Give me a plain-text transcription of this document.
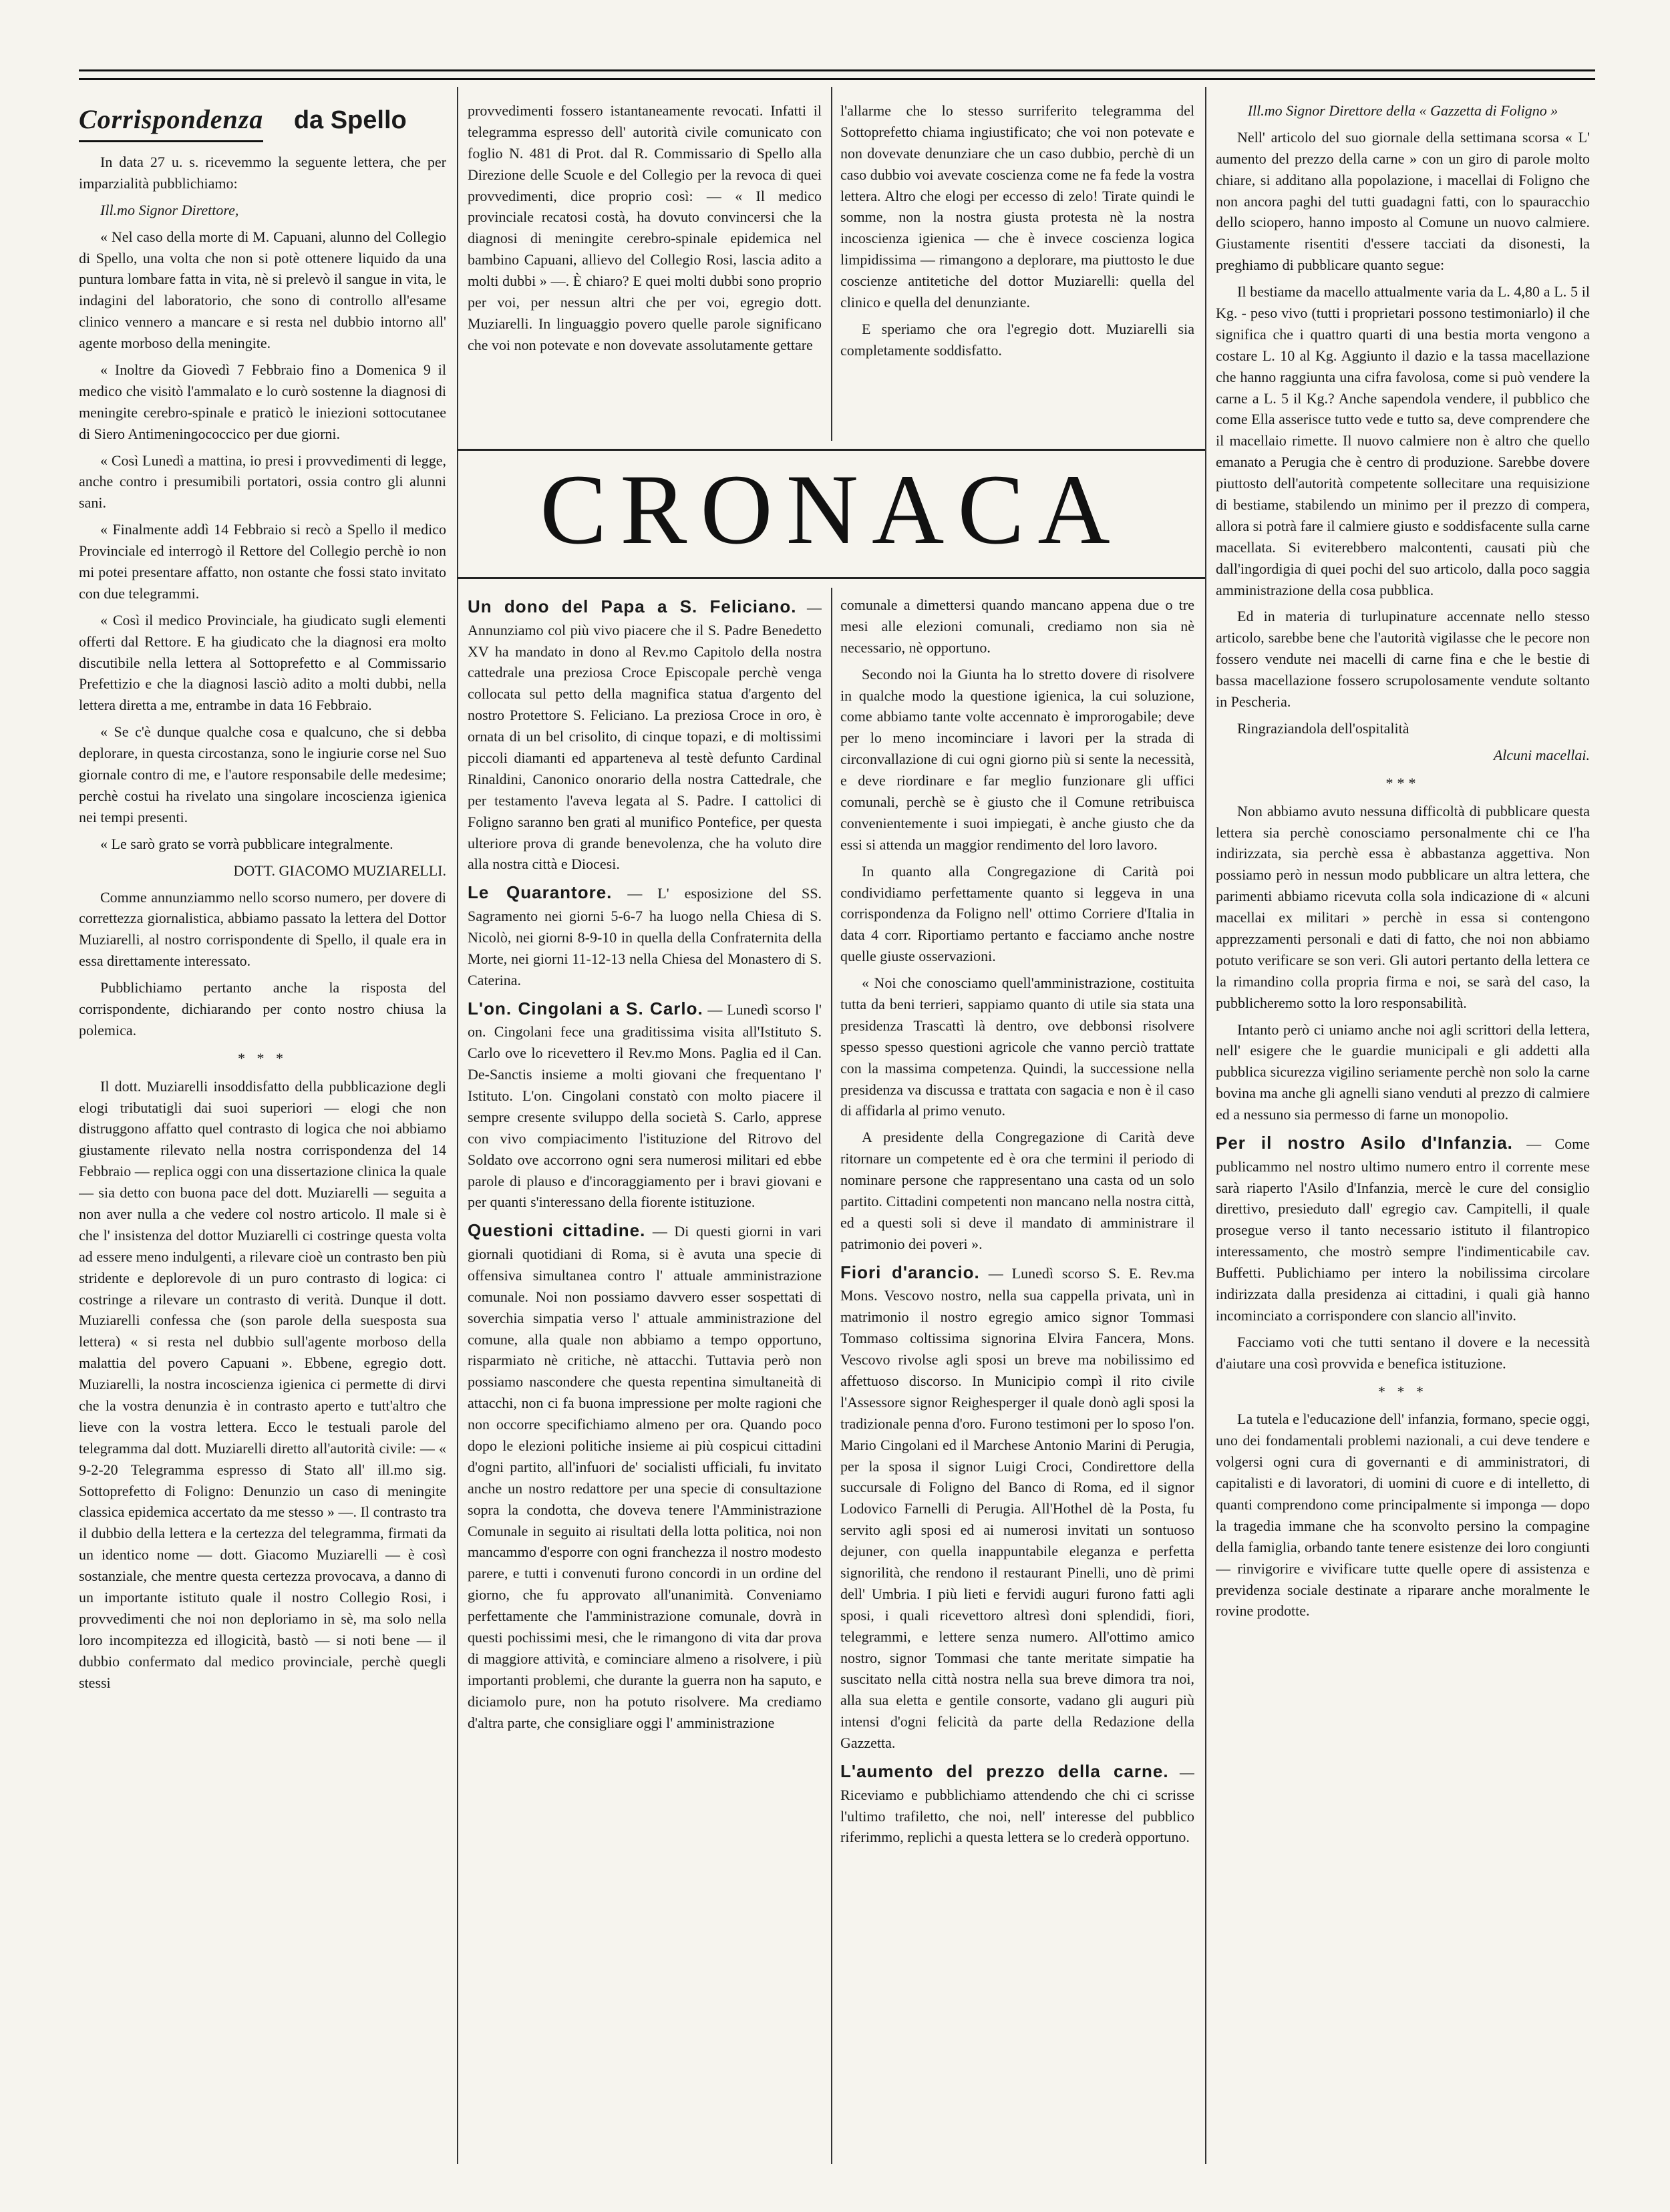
Corrispondenza da Spello

In data 27 u. s. ricevemmo la seguente lettera, che per imparzialità pubblichiamo:

Ill.mo Signor Direttore,

« Nel caso della morte di M. Capuani, alunno del Collegio di Spello, una volta che non si potè ottenere liquido da una puntura lombare fatta in vita, nè si prelevò il sangue in vita, le indagini del laboratorio, che sono di controllo all'esame clinico vennero a mancare e si resta nel dubbio intorno all' agente morboso della meningite.

« Inoltre da Giovedì 7 Febbraio fino a Domenica 9 il medico che visitò l'ammalato e lo curò sostenne la diagnosi di meningite cerebro-spinale e praticò le iniezioni sottocutanee di Siero Antimeningococcico per due giorni.

« Così Lunedì a mattina, io presi i provvedimenti di legge, anche contro i presumibili portatori, ossia contro gli alunni sani.

« Finalmente addì 14 Febbraio si recò a Spello il medico Provinciale ed interrogò il Rettore del Collegio perchè io non mi potei presentare affatto, non ostante che fossi stato invitato con due telegrammi.

« Così il medico Provinciale, ha giudicato sugli elementi offerti dal Rettore. E ha giudicato che la diagnosi era molto discutibile nella lettera al Sottoprefetto e al Commissario Prefettizio e che la diagnosi lasciò adito a molti dubbi, nella lettera diretta a me, entrambe in data 16 Febbraio.

« Se c'è dunque qualche cosa e qualcuno, che si debba deplorare, in questa circostanza, sono le ingiurie corse nel Suo giornale contro di me, e l'autore responsabile delle medesime; perchè costui ha rivelato una singolare incoscienza igienica nei tempi presenti.

« Le sarò grato se vorrà pubblicare integralmente.

DOTT. GIACOMO MUZIARELLI.

Comme annunziammo nello scorso numero, per dovere di correttezza giornalistica, abbiamo passato la lettera del Dottor Muziarelli, al nostro corrispondente di Spello, il quale era in essa direttamente interessato.

Pubblichiamo pertanto anche la risposta del corrispondente, dichiarando per conto nostro chiusa la polemica.

* * *

Il dott. Muziarelli insoddisfatto della pubblicazione degli elogi tributatigli dai suoi superiori — elogi che non distruggono affatto quel contrasto di logica che noi abbiamo giustamente rilevato nella nostra corrispondenza del 14 Febbraio — replica oggi con una dissertazione clinica la quale — sia detto con buona pace del dott. Muziarelli — seguita a non aver nulla a che vedere col nostro articolo. Il male si è che l' insistenza del dottor Muziarelli ci costringe questa volta ad essere meno indulgenti, a rilevare cioè un contrasto ben più stridente e deplorevole di un puro contrasto di logica: ci costringe a rilevare un contrasto di verità. Dunque il dott. Muziarelli confessa che (son parole della suesposta sua lettera) « si resta nel dubbio sull'agente morboso della malattia del povero Capuani ». Ebbene, egregio dott. Muziarelli, la nostra incoscienza igienica ci permette di dirvi che la vostra denunzia è in contrasto aperto e tutt'altro che lieve con la vostra lettera. Ecco le testuali parole del telegramma dal dott. Muziarelli diretto all'autorità civile: — « 9-2-20 Telegramma espresso di Stato all' ill.mo sig. Sottoprefetto di Foligno: Denunzio un caso di meningite classica epidemica accertato da me stesso » —. Il contrasto tra il dubbio della lettera e la certezza del telegramma, firmati da un identico nome — dott. Giacomo Muziarelli — è così sostanziale, che mentre questa certezza provocava, a danno di un importante istituto quale il nostro Collegio Rosi, i provvedimenti che noi non deploriamo in sè, ma solo nella loro incompitezza ed illogicità, bastò — si noti bene — il dubbio confermato dal medico provinciale, perchè quegli stessi

provvedimenti fossero istantaneamente revocati. Infatti il telegramma espresso dell' autorità civile comunicato con foglio N. 481 di Prot. dal R. Commissario di Spello alla Direzione delle Scuole e del Collegio per la revoca di quei provvedimenti, dice proprio così: — « Il medico provinciale recatosi costà, ha dovuto convincersi che la diagnosi di meningite cerebro-spinale epidemica nel bambino Capuani, allievo del Collegio Rosi, lascia adito a molti dubbi » —. È chiaro? E quei molti dubbi sono proprio per voi, per nessun altri che per voi, egregio dott. Muziarelli. In linguaggio povero quelle parole significano che voi non potevate e non dovevate assolutamente gettare

l'allarme che lo stesso surriferito telegramma del Sottoprefetto chiama ingiustificato; che voi non potevate e non dovevate denunziare che un caso dubbio, perchè di un caso dubbio voi avevate coscienza come ne fa fede la vostra lettera. Altro che elogi per eccesso di zelo! Tirate quindi le somme, non la nostra giusta protesta nè la nostra incoscienza igienica — che è invece coscienza logica limpidissima — rimangono a deplorare, ma piuttosto le due coscienze antitetiche del dottor Muziarelli: quella del clinico e quella del denunziante.

E speriamo che ora l'egregio dott. Muziarelli sia completamente soddisfatto.

CRONACA

Un dono del Papa a S. Feliciano. — Annunziamo col più vivo piacere che il S. Padre Benedetto XV ha mandato in dono al Rev.mo Capitolo della nostra cattedrale una preziosa Croce Episcopale perchè venga collocata sul petto della magnifica statua d'argento del nostro Protettore S. Feliciano. La preziosa Croce in oro, è ornata di un bel crisolito, di cinque topazi, e di moltissimi piccoli diamanti ed apparteneva al testè defunto Cardinal Rinaldini, Canonico onorario della nostra Cattedrale, che per testamento l'aveva legata al S. Padre. I cattolici di Foligno saranno ben grati al munifico Pontefice, per questa ulteriore prova di grande benevolenza, che ha voluto dire alla nostra città e Diocesi.

Le Quarantore. — L' esposizione del SS. Sagramento nei giorni 5-6-7 ha luogo nella Chiesa di S. Nicolò, nei giorni 8-9-10 in quella della Confraternita della Morte, nei giorni 11-12-13 nella Chiesa del Monastero di S. Caterina.

L'on. Cingolani a S. Carlo. — Lunedì scorso l' on. Cingolani fece una graditissima visita all'Istituto S. Carlo ove lo ricevettero il Rev.mo Mons. Paglia ed il Can. De-Sanctis insieme a molti giovani che frequentano l' Istituto. L'on. Cingolani constatò con molto piacere il sempre cresente sviluppo della società S. Carlo, apprese con vivo compiacimento l'istituzione del Ritrovo del Soldato ove accorrono ogni sera numerosi militari ed ebbe parole di plauso e d'incoraggiamento per i bravi giovani e per quanti s'interessano della fiorente istituzione.

Questioni cittadine. — Di questi giorni in vari giornali quotidiani di Roma, si è avuta una specie di offensiva simultanea contro l' attuale amministrazione comunale. Noi non possiamo davvero esser sospettati di soverchia simpatia verso l' attuale amministrazione del comune, alla quale non abbiamo a tempo opportuno, risparmiato nè critiche, nè attacchi. Tuttavia però non possiamo nascondere che questa repentina simultaneità di attacchi, non ci fa buona impressione per molte ragioni che non occorre specifichiamo almeno per ora. Quando poco dopo le elezioni politiche insieme ai più cospicui cittadini d'ogni partito, all'infuori de' socialisti ufficiali, fu invitato anche un nostro redattore per una specie di consultazione sopra la condotta, che doveva tenere l'Amministrazione Comunale in seguito ai risultati della lotta politica, noi non mancammo d'esporre con ogni franchezza il nostro modesto parere, e tutti i convenuti furono concordi in un ordine del giorno, che fu approvato all'unanimità. Conveniamo perfettamente che l'amministrazione comunale, dovrà in questi pochissimi mesi, che le rimangono di vita dar prova di maggiore attività, e cominciare almeno a risolvere, i più importanti problemi, che durante la guerra non ha saputo, e diciamolo pure, non ha potuto risolvere. Ma crediamo d'altra parte, che consigliare oggi l' amministrazione

comunale a dimettersi quando mancano appena due o tre mesi alle elezioni comunali, crediamo non sia nè necessario, nè opportuno.

Secondo noi la Giunta ha lo stretto dovere di risolvere in qualche modo la questione igienica, la cui soluzione, come abbiamo tante volte accennato è improrogabile; deve per lo meno incominciare i lavori per la strada di circonvallazione di cui ogni giorno più si sente la necessità, e deve riordinare e far meglio funzionare gli uffici comunali, perchè se è giusto che il Comune retribuisca convenientemente i suoi impiegati, è anche giusto che da essi si attenda un maggior rendimento del loro lavoro.

In quanto alla Congregazione di Carità poi condividiamo perfettamente quanto si leggeva in una corrispondenza da Foligno nell' ottimo Corriere d'Italia in data 4 corr. Riportiamo pertanto e facciamo anche nostre quelle giuste osservazioni.

« Noi che conosciamo quell'amministrazione, costituita tutta da beni terrieri, sappiamo quanto di utile sia stata una presidenza Trascattì là dentro, ove debbonsi risolvere spesso spesso questioni agricole che vanno perciò trattate con la massima competenza. Quindi, la successione nella presidenza va discussa e trattata con sagacia e non è il caso di affidarla al primo venuto.

A presidente della Congregazione di Carità deve ritornare un competente ed è ora che termini il periodo di nominare persone che rappresentano una casta od un solo partito. Cittadini competenti non mancano nella nostra città, ed a questi soli si deve il mandato di amministrare il patrimonio dei poveri ».

Fiori d'arancio. — Lunedì scorso S. E. Rev.ma Mons. Vescovo nostro, nella sua cappella privata, unì in matrimonio il nostro egregio amico signor Tommasi Tommaso coltissima signorina Elvira Fancera, Mons. Vescovo rivolse agli sposi un breve ma nobilissimo ed affettuoso discorso. In Municipio compì il rito civile l'Assessore signor Reighesperger il quale donò agli sposi la tradizionale penna d'oro. Furono testimoni per lo sposo l'on. Mario Cingolani ed il Marchese Antonio Marini di Perugia, per la sposa il signor Luigi Croci, Condirettore della succursale di Foligno del Banco di Roma, ed il signor Lodovico Farnelli di Perugia. All'Hothel dè la Posta, fu servito agli sposi ed ai numerosi invitati un sontuoso dejuner, con quella inappuntabile eleganza e perfetta signorilità, che rendono il restaurant Pinelli, uno dè primi dell' Umbria. I più lieti e fervidi auguri furono fatti agli sposi, i quali ricevettoro altresì doni splendidi, fiori, telegrammi, e lettere senza numero. All'ottimo amico nostro, signor Tommasi che tante meritate simpatie ha suscitato nella città nostra nella sua breve dimora tra noi, alla sua eletta e gentile consorte, vadano gli auguri più intensi d'ogni felicità da parte della Redazione della Gazzetta.

L'aumento del prezzo della carne. — Riceviamo e pubblichiamo attendendo che chi ci scrisse l'ultimo trafiletto, che noi, nell' interesse del pubblico riferimmo, replichi a questa lettera se lo crederà opportuno.

Ill.mo Signor Direttore della « Gazzetta di Foligno »

Nell' articolo del suo giornale della settimana scorsa « L' aumento del prezzo della carne » con un giro di parole molto chiare, si additano alla popolazione, i macellai di Foligno che non ancora paghi del tutti guadagni fatti, con lo spauracchio dello sciopero, hanno imposto al Comune un nuovo calmiere. Giustamente risentiti d'essere tacciati da disonesti, la preghiamo di pubblicare quanto segue:

Il bestiame da macello attualmente varia da L. 4,80 a L. 5 il Kg. - peso vivo (tutti i proprietari possono testimoniarlo) il che significa che i quattro quarti di una bestia morta vengono a costare L. 10 al Kg. Aggiunto il dazio e la tassa macellazione che hanno raggiunta una cifra favolosa, come si può vendere la carne a L. 5 il Kg.? Anche sapendola vendere, il pubblico che come Ella asserisce tutto vede e tutto sa, deve comprendere che il macellaio rimette. Il nuovo calmiere non è altro che quello emanato a Perugia che è centro di produzione. Sarebbe dovere piuttosto dell'autorità competente sollecitare una requisizione di bestiame, stabilendo un minimo per il prezzo di compera, allora si potrà fare il calmiere giusto e soddisfacente sulla carne macellata. Si eviterebbero malcontenti, causati più che dall'ingordigia di quei pochi del suo articolo, dalla poco saggia amministrazione della cosa pubblica.

Ed in materia di turlupinature accennate nello stesso articolo, sarebbe bene che l'autorità vigilasse che le pecore non fossero vendute nei macelli di carne fina e che le bestie di bassa macellazione fossero scrupolosamente vendute soltanto in Pescheria.

Ringraziandola dell'ospitalità

Alcuni macellai.

***

Non abbiamo avuto nessuna difficoltà di pubblicare questa lettera sia perchè conosciamo personalmente chi ce l'ha indirizzata, sia perchè essa è abbastanza aggettiva. Non possiamo però in nessun modo pubblicare un altra lettera, che parimenti abbiamo ricevuta colla sola indicazione di « alcuni macellai ex militari » perchè in essa si contengono apprezzamenti personali e dati di fatto, che noi non abbiamo potuto verificare se son veri. Gli autori pertanto della lettera ce la rimandino colla propria firma e noi, se sarà del caso, la pubblicheremo sotto la loro responsabilità.

Intanto però ci uniamo anche noi agli scrittori della lettera, nell' esigere che le guardie municipali e gli addetti alla pubblica sicurezza vigilino seriamente perchè non solo la carne bovina ma anche gli agnelli siano venduti al prezzo di calmiere ed a nessuno sia permesso di farne un monopolio.

Per il nostro Asilo d'Infanzia. — Come publicammo nel nostro ultimo numero entro il corrente mese sarà riaperto l'Asilo d'Infanzia, mercè le cure del consiglio direttivo, presieduto dall' egregio cav. Campitelli, il quale prosegue verso il tanto necessario istituto il filantropico interessamento, che mostrò sempre l'indimenticabile cav. Buffetti. Publichiamo per intero la nobilissima circolare indirizzata dalla presidenza ai cittadini, i quali già hanno incominciato a corrispondere con slancio all'invito.

Facciamo voti che tutti sentano il dovere e la necessità d'aiutare una così provvida e benefica istituzione.

* * *

La tutela e l'educazione dell' infanzia, formano, specie oggi, uno dei fondamentali problemi nazionali, a cui deve tendere e volgersi ogni cura di governanti e di amministratori, di capitalisti e di lavoratori, di uomini di cuore e di intelletto, di quanti comprendono come principalmente si imponga — dopo la tragedia immane che ha sconvolto persino la compagine della famiglia, orbando tante tenere esistenze dei loro congiunti — rinvigorire e vivificare tutte quelle opere di assistenza e previdenza sociale destinate a riparare anche moralmente le rovine prodotte.
